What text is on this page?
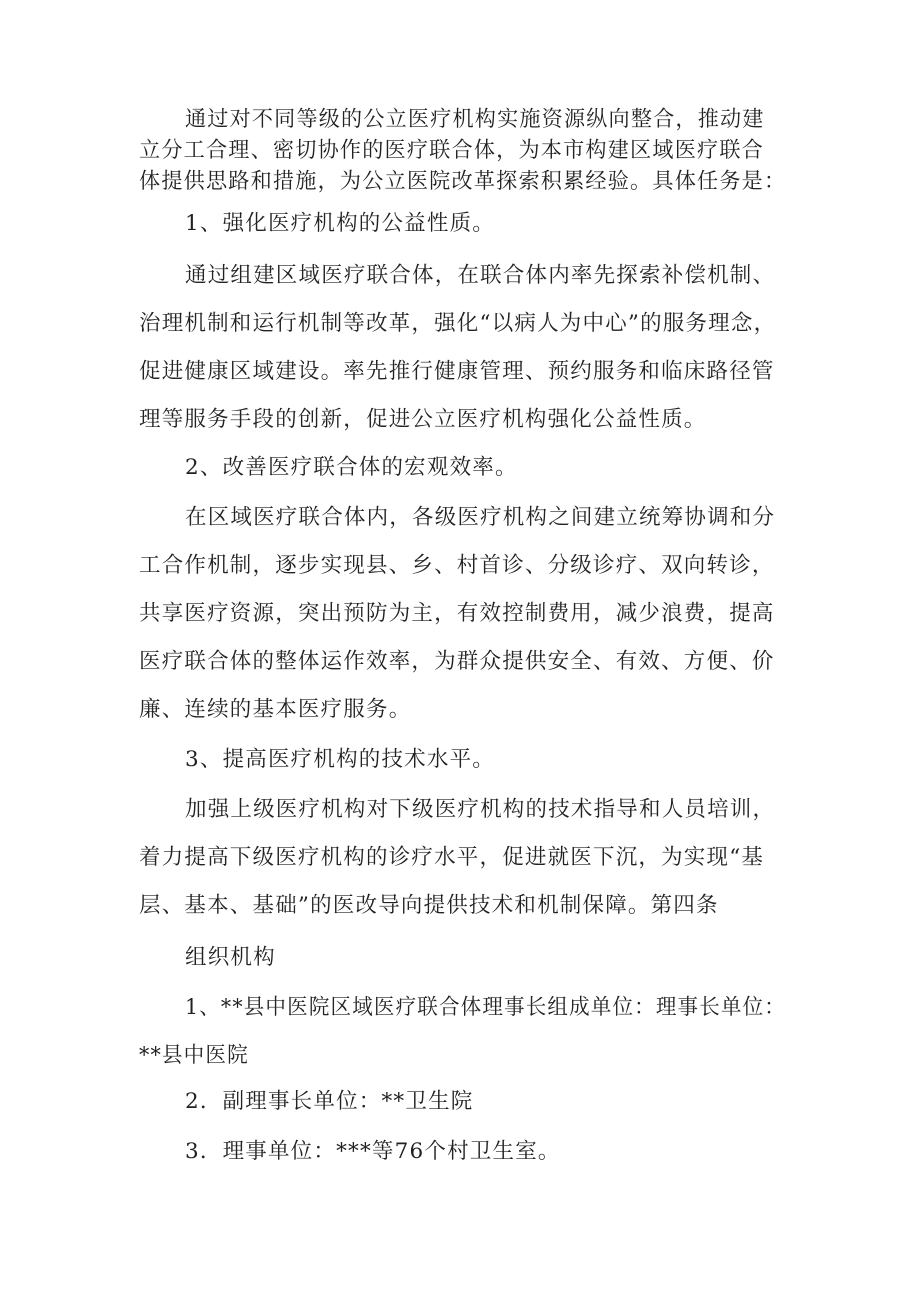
通过对不同等级的公立医疗机构实施资源纵向整合，推动建
立分工合理、密切协作的医疗联合体，为本市构建区域医疗联合
体提供思路和措施，为公立医院改革探索积累经验。具体任务是：
1、强化医疗机构的公益性质。
通过组建区域医疗联合体，在联合体内率先探索补偿机制、
治理机制和运行机制等改革，强化“以病人为中心”的服务理念，
促进健康区域建设。率先推行健康管理、预约服务和临床路径管
理等服务手段的创新，促进公立医疗机构强化公益性质。
2、改善医疗联合体的宏观效率。
在区域医疗联合体内，各级医疗机构之间建立统筹协调和分
工合作机制，逐步实现县、乡、村首诊、分级诊疗、双向转诊，
共享医疗资源，突出预防为主，有效控制费用，减少浪费，提高
医疗联合体的整体运作效率，为群众提供安全、有效、方便、价
廉、连续的基本医疗服务。
3、提高医疗机构的技术水平。
加强上级医疗机构对下级医疗机构的技术指导和人员培训，
着力提高下级医疗机构的诊疗水平，促进就医下沉，为实现“基
层、基本、基础”的医改导向提供技术和机制保障。第四条
组织机构
1、**县中医院区域医疗联合体理事长组成单位：理事长单位：
**县中医院
2．副理事长单位：**卫生院
3．理事单位：***等76个村卫生室。
